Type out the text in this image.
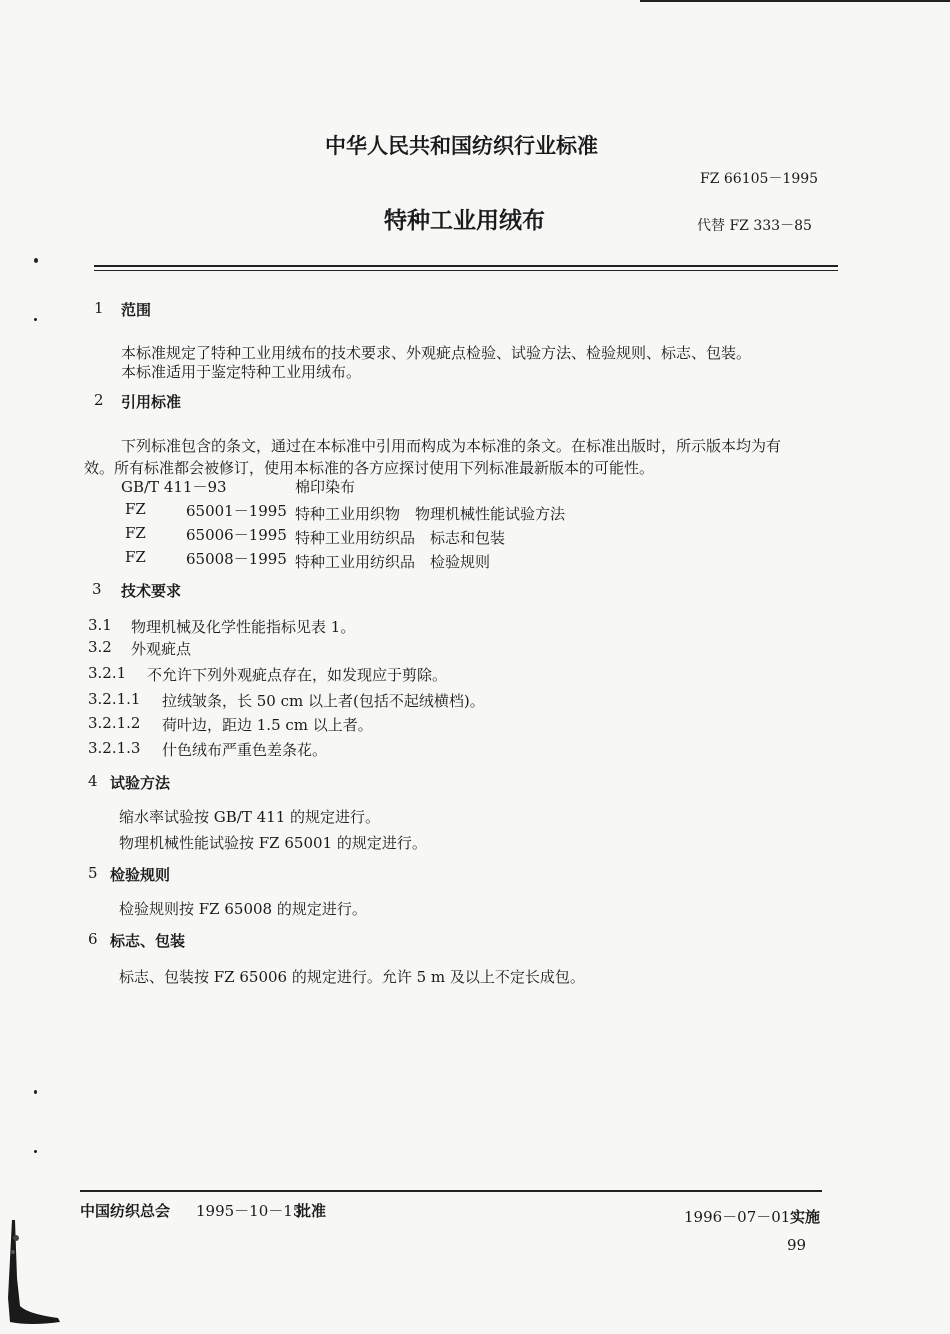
中华人民共和国纺织行业标准
FZ 66105－1995
特种工业用绒布	代替 FZ 333－85
1 范围
本标准规定了特种工业用绒布的技术要求、外观疵点检验、试验方法、检验规则、标志、包装。
本标准适用于鉴定特种工业用绒布。
2 引用标准
下列标准包含的条文，通过在本标准中引用而构成为本标准的条文。在标准出版时，所示版本均为有
效。所有标准都会被修订，使用本标准的各方应探讨使用下列标准最新版本的可能性。
GB/T 411－93	棉印染布
FZ	65001－1995 特种工业用织物　物理机械性能试验方法
FZ	65006－1995 特种工业用纺织品　标志和包装
FZ	65008－1995 特种工业用纺织品　检验规则
3 技术要求
3.1 物理机械及化学性能指标见表 1。
3.2 外观疵点
3.2.1 不允许下列外观疵点存在，如发现应于剪除。
3.2.1.1 拉绒皱条，长 50 cm 以上者(包括不起绒横档)。
3.2.1.2 荷叶边，距边 1.5 cm 以上者。
3.2.1.3 什色绒布严重色差条花。
4 试验方法
缩水率试验按 GB/T 411 的规定进行。
物理机械性能试验按 FZ 65001 的规定进行。
5 检验规则
检验规则按 FZ 65008 的规定进行。
6 标志、包装
标志、包装按 FZ 65006 的规定进行。允许 5 m 及以上不定长成包。
中国纺织总会 1995－10－15
批准	1996－07－01 实施
99
